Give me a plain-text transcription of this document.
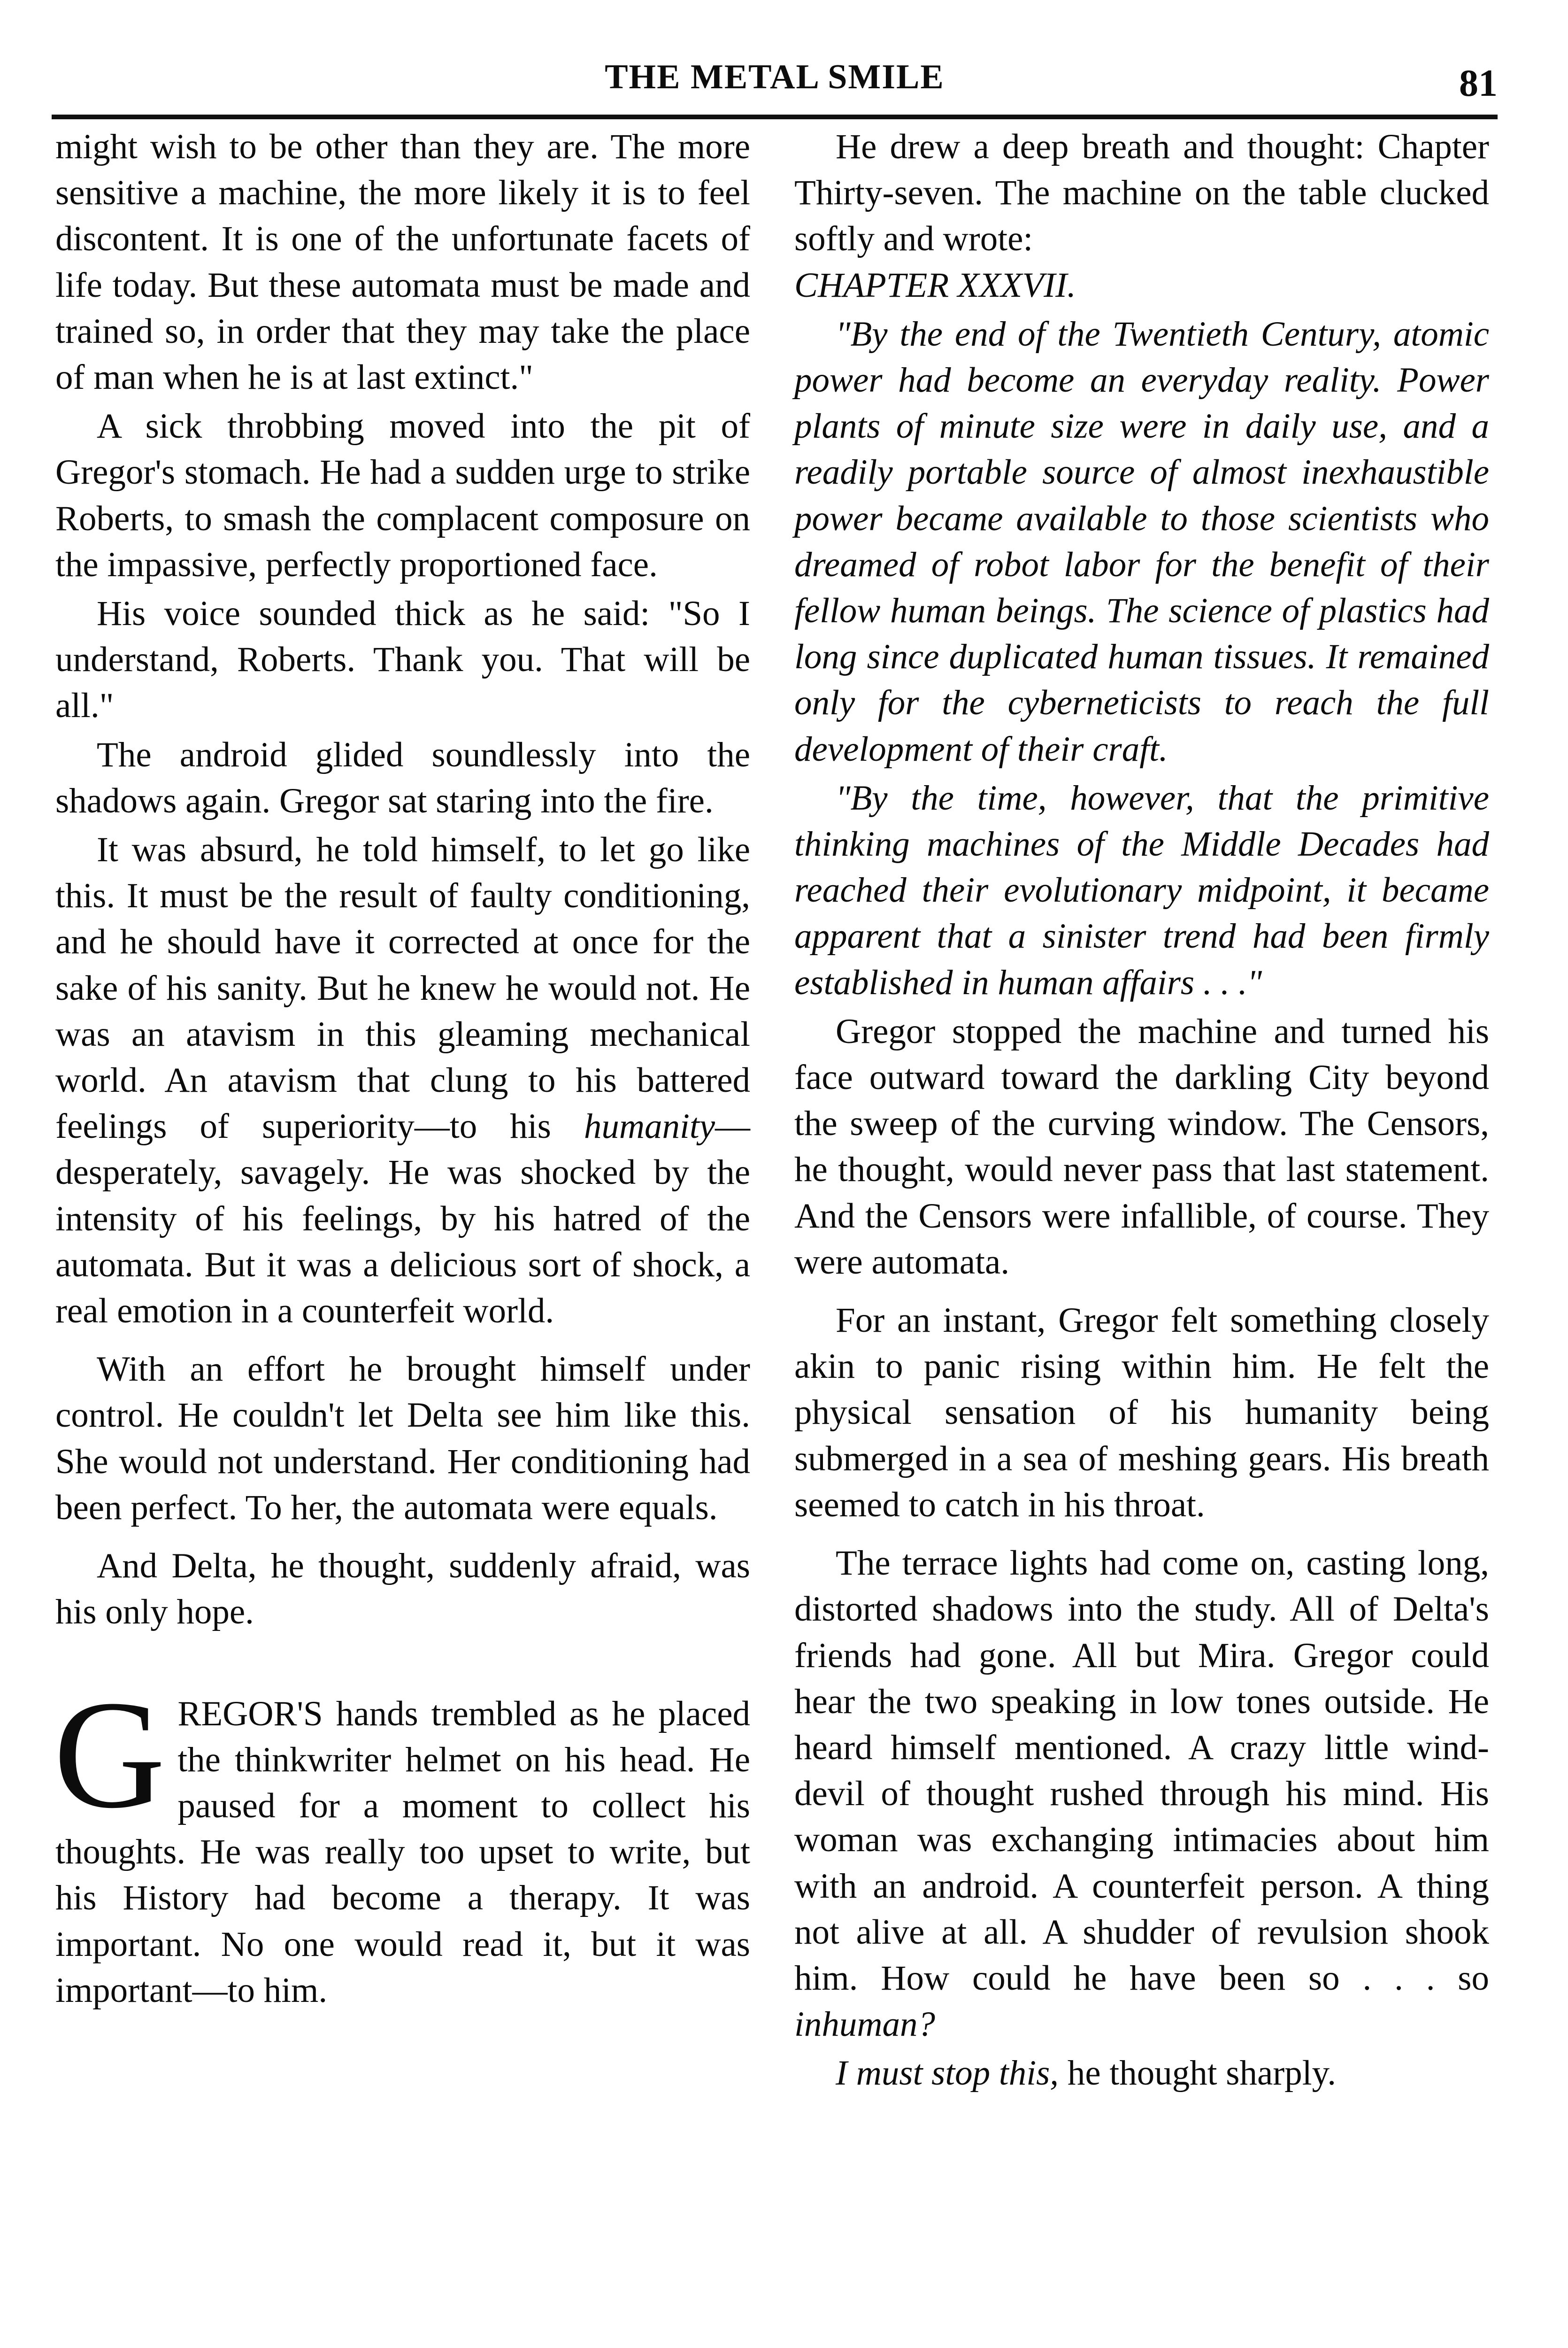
THE METAL SMILE	81

might wish to be other than they are. The more sensitive a machine, the more likely it is to feel discontent. It is one of the unfortunate facets of life today. But these automata must be made and trained so, in order that they may take the place of man when he is at last extinct."

A sick throbbing moved into the pit of Gregor's stomach. He had a sudden urge to strike Roberts, to smash the complacent composure on the impassive, perfectly proportioned face.

His voice sounded thick as he said: "So I understand, Roberts. Thank you. That will be all."

The android glided soundlessly into the shadows again. Gregor sat staring into the fire.

It was absurd, he told himself, to let go like this. It must be the result of faulty conditioning, and he should have it corrected at once for the sake of his sanity. But he knew he would not. He was an atavism in this gleaming mechanical world. An atavism that clung to his battered feelings of superiority—to his humanity—desperately, savagely. He was shocked by the intensity of his feelings, by his hatred of the automata. But it was a delicious sort of shock, a real emotion in a counterfeit world.

With an effort he brought himself under control. He couldn't let Delta see him like this. She would not understand. Her conditioning had been perfect. To her, the automata were equals.

And Delta, he thought, suddenly afraid, was his only hope.

GREGOR'S hands trembled as he placed the thinkwriter helmet on his head. He paused for a moment to collect his thoughts. He was really too upset to write, but his History had become a therapy. It was important. No one would read it, but it was important—to him.

He drew a deep breath and thought: Chapter Thirty-seven. The machine on the table clucked softly and wrote:
CHAPTER XXXVII.

"By the end of the Twentieth Century, atomic power had become an everyday reality. Power plants of minute size were in daily use, and a readily portable source of almost inexhaustible power became available to those scientists who dreamed of robot labor for the benefit of their fellow human beings. The science of plastics had long since duplicated human tissues. It remained only for the cyberneticists to reach the full development of their craft.

"By the time, however, that the primitive thinking machines of the Middle Decades had reached their evolutionary midpoint, it became apparent that a sinister trend had been firmly established in human affairs . . ."

Gregor stopped the machine and turned his face outward toward the darkling City beyond the sweep of the curving window. The Censors, he thought, would never pass that last statement. And the Censors were infallible, of course. They were automata.

For an instant, Gregor felt something closely akin to panic rising within him. He felt the physical sensation of his humanity being submerged in a sea of meshing gears. His breath seemed to catch in his throat.

The terrace lights had come on, casting long, distorted shadows into the study. All of Delta's friends had gone. All but Mira. Gregor could hear the two speaking in low tones outside. He heard himself mentioned. A crazy little wind-devil of thought rushed through his mind. His woman was exchanging intimacies about him with an android. A counterfeit person. A thing not alive at all. A shudder of revulsion shook him. How could he have been so . . . so inhuman?

I must stop this, he thought sharply.
